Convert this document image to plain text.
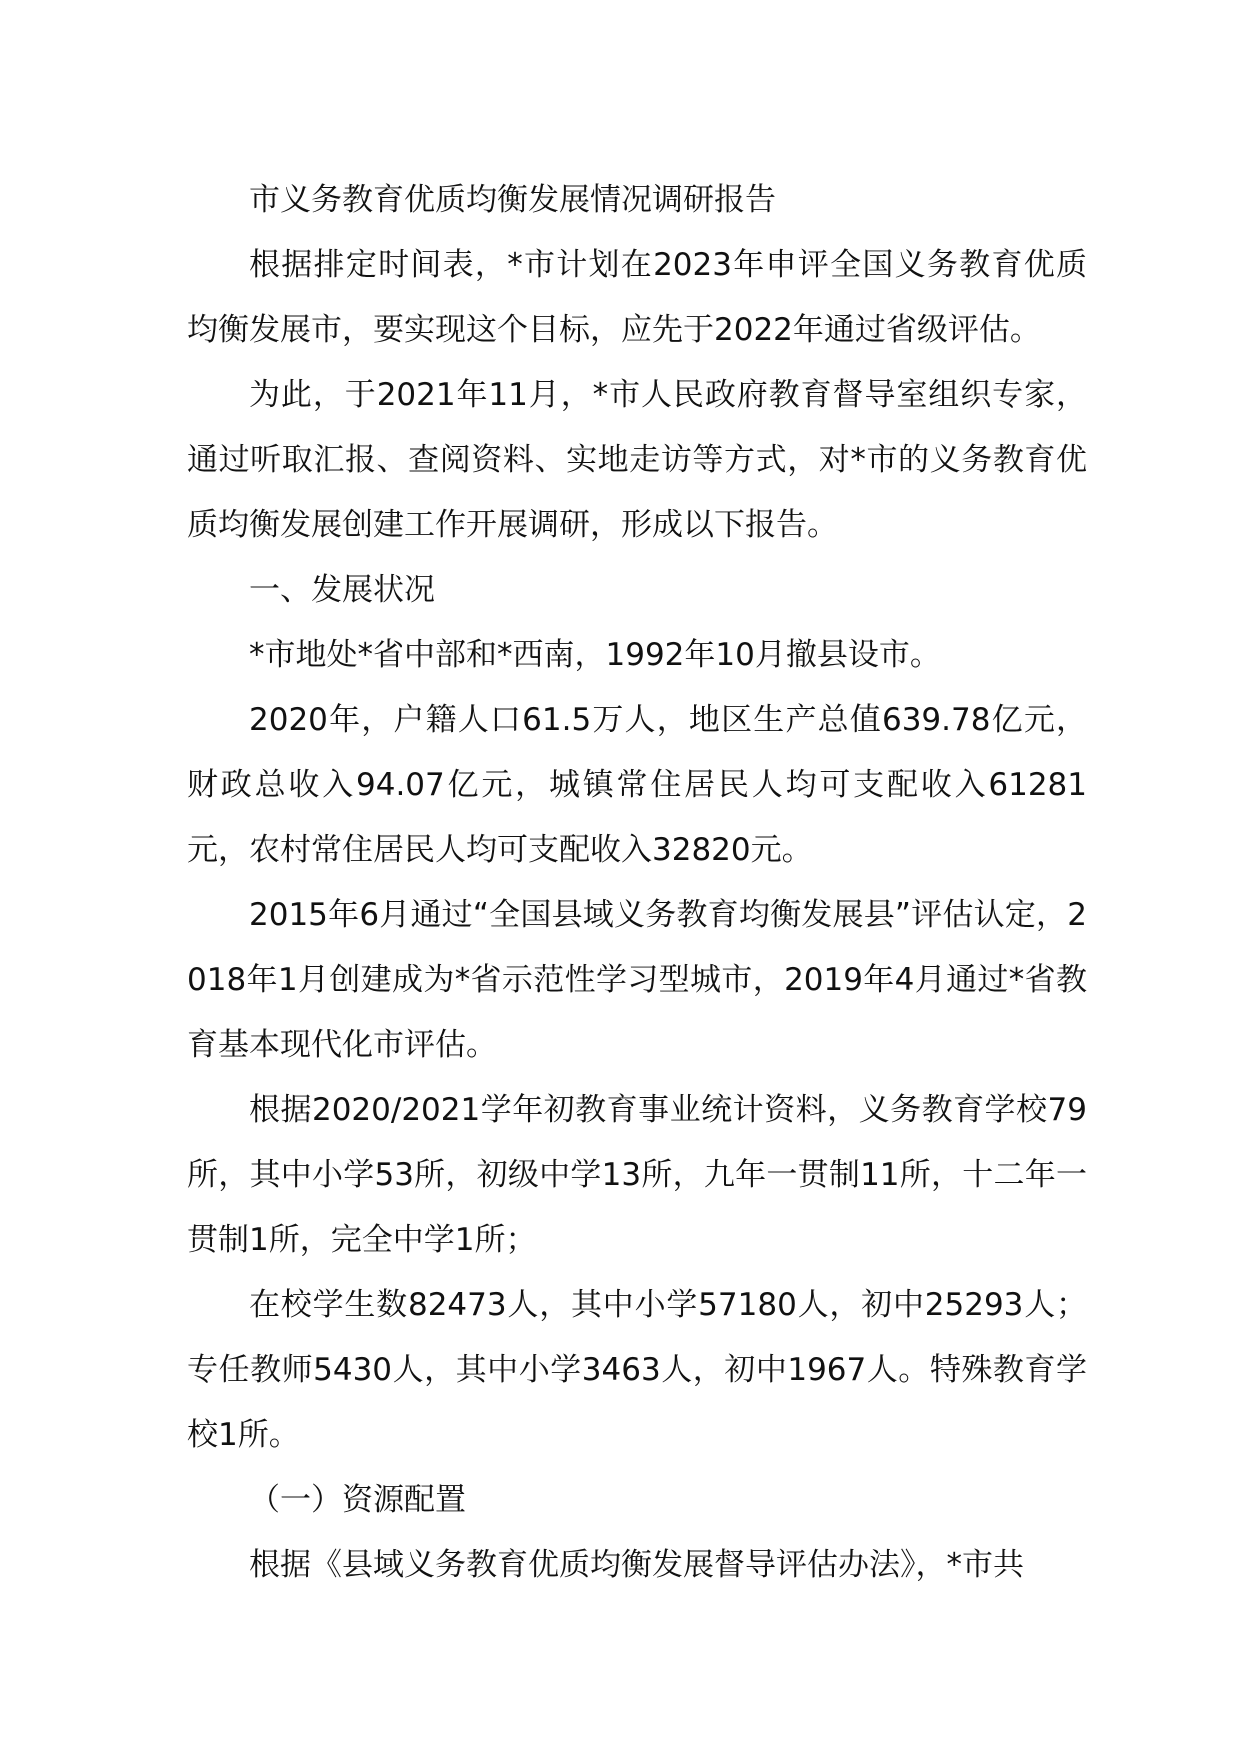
市义务教育优质均衡发展情况调研报告

根据排定时间表，*市计划在2023年申评全国义务教育优质均衡发展市，要实现这个目标，应先于2022年通过省级评估。

为此，于2021年11月，*市人民政府教育督导室组织专家，通过听取汇报、查阅资料、实地走访等方式，对*市的义务教育优质均衡发展创建工作开展调研，形成以下报告。

一、发展状况

*市地处*省中部和*西南，1992年10月撤县设市。

2020年，户籍人口61.5万人，地区生产总值639.78亿元，财政总收入94.07亿元，城镇常住居民人均可支配收入61281元，农村常住居民人均可支配收入32820元。

2015年6月通过“全国县域义务教育均衡发展县”评估认定，2018年1月创建成为*省示范性学习型城市，2019年4月通过*省教育基本现代化市评估。

根据2020/2021学年初教育事业统计资料，义务教育学校79所，其中小学53所，初级中学13所，九年一贯制11所，十二年一贯制1所，完全中学1所；

在校学生数82473人，其中小学57180人，初中25293人；专任教师5430人，其中小学3463人，初中1967人。特殊教育学校1所。

（一）资源配置

根据《县域义务教育优质均衡发展督导评估办法》，*市共
